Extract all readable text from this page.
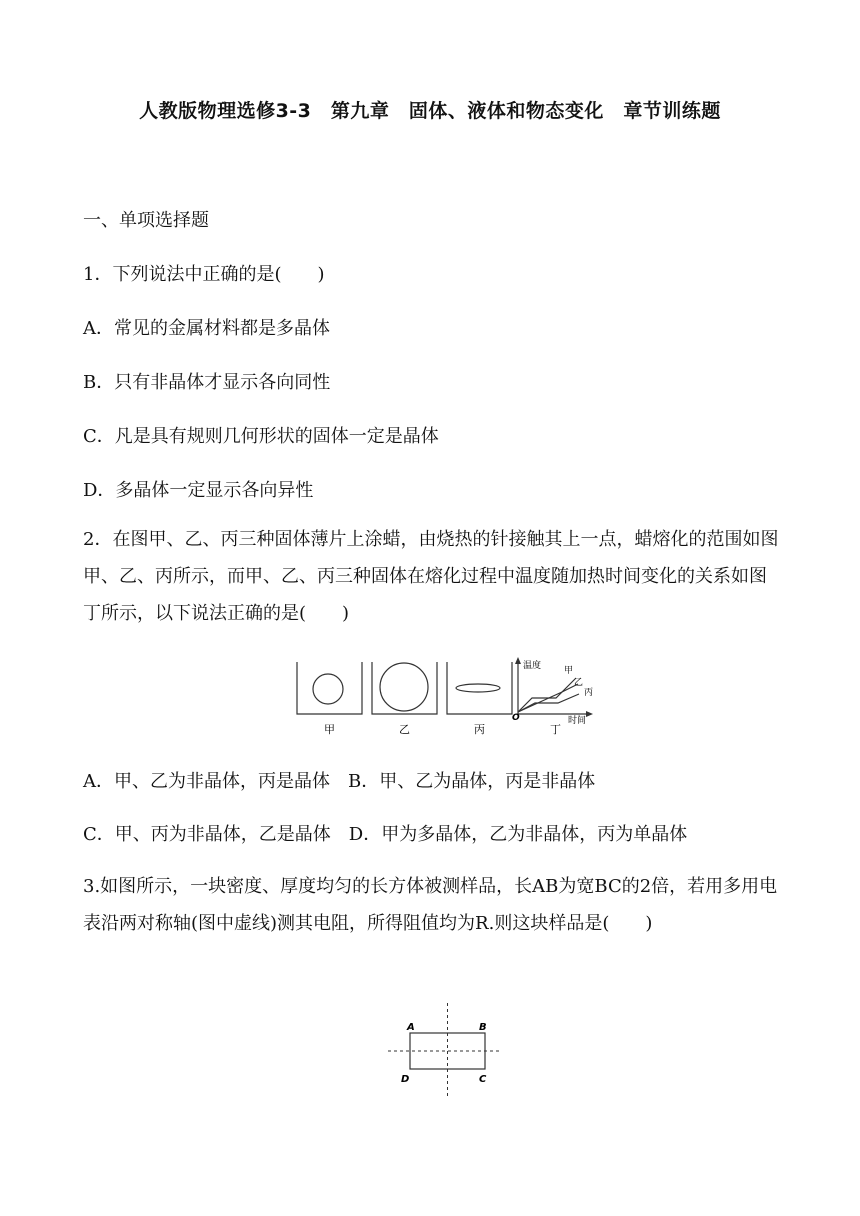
人教版物理选修3-3　第九章　固体、液体和物态变化　章节训练题
一、单项选择题
1．下列说法中正确的是(　　)
A．常见的金属材料都是多晶体
B．只有非晶体才显示各向同性
C．凡是具有规则几何形状的固体一定是晶体
D．多晶体一定显示各向异性
2．在图甲、乙、丙三种固体薄片上涂蜡，由烧热的针接触其上一点，蜡熔化的范围如图甲、乙、丙所示，而甲、乙、丙三种固体在熔化过程中温度随加热时间变化的关系如图丁所示，以下说法正确的是(　　)
温度
时间
O
甲
乙
丙
甲	乙	丙	丁
A．甲、乙为非晶体，丙是晶体　B．甲、乙为晶体，丙是非晶体
C．甲、丙为非晶体，乙是晶体　D．甲为多晶体，乙为非晶体，丙为单晶体
3.如图所示，一块密度、厚度均匀的长方体被测样品，长AB为宽BC的2倍，若用多用电表沿两对称轴(图中虚线)测其电阻，所得阻值均为R.则这块样品是(　　)
A	B
C
D
